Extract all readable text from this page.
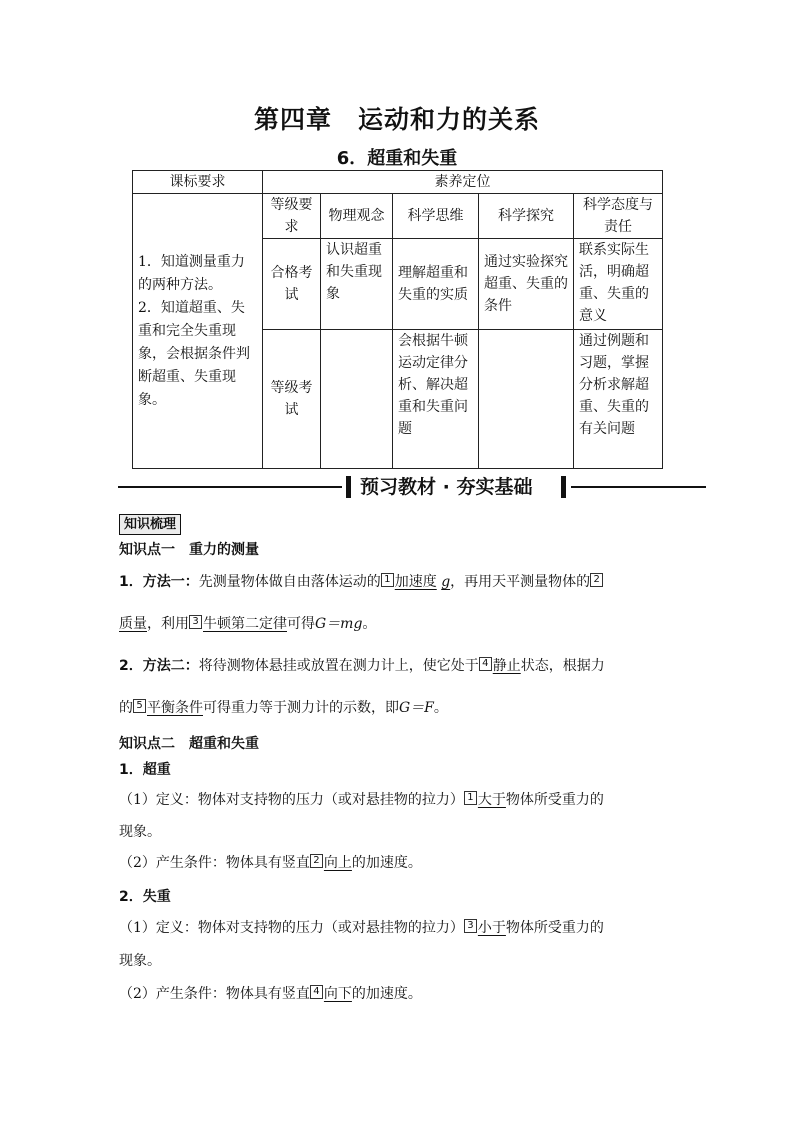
第四章　运动和力的关系
6．超重和失重
课标要求	素养定位				
1．知道测量重力的两种方法。
2．知道超重、失重和完全失重现象，会根据条件判断超重、失重现象。	等级要求	物理观念	科学思维	科学探究	科学态度与责任
	合格考试	认识超重和失重现象	理解超重和失重的实质	通过实验探究超重、失重的条件	联系实际生活，明确超重、失重的意义
	等级考试		会根据牛顿运动定律分析、解决超重和失重问题		通过例题和习题，掌握分析求解超重、失重的有关问题
预习教材 · 夯实基础
知识梳理
知识点一　重力的测量
1．方法一：先测量物体做自由落体运动的 1 加速度 g，再用天平测量物体的 2
质量，利用 3 牛顿第二定律可得G＝mg。
2．方法二：将待测物体悬挂或放置在测力计上，使它处于 4 静止状态，根据力
的 5 平衡条件可得重力等于测力计的示数，即G＝F。
知识点二　超重和失重
1．超重
（1）定义：物体对支持物的压力（或对悬挂物的拉力） 1 大于物体所受重力的
现象。
（2）产生条件：物体具有竖直 2 向上的加速度。
2．失重
（1）定义：物体对支持物的压力（或对悬挂物的拉力） 3 小于物体所受重力的
现象。
（2）产生条件：物体具有竖直 4 向下的加速度。
